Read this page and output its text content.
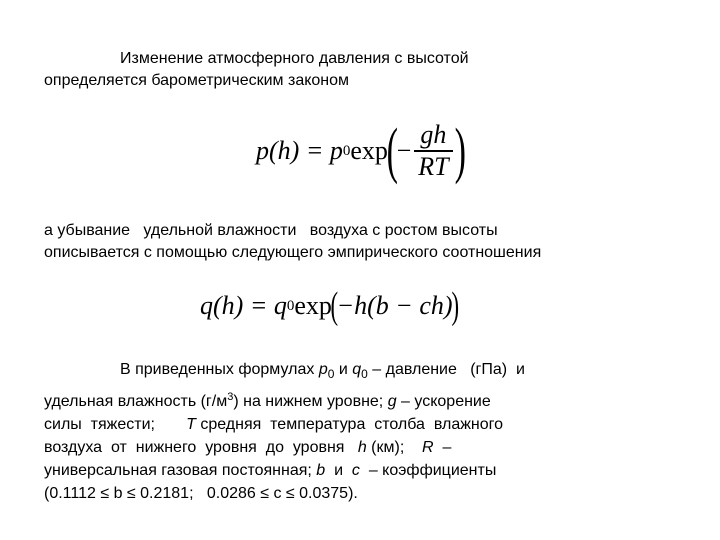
Изменение атмосферного давления с высотой
определяется барометрическим законом
p(h) = p 0 exp
(
− $\frac{gh}{RT}$ )
а убывание   удельной влажности   воздуха с ростом высоты
описывается с помощью следующего эмпирического соотношения
q(h) = q 0 exp
(
−h(b − ch)
)
В приведенных формулах $p_0$ и $q_0$ – давление   (гПа)  и
удельная влажность $(г/м^3)$ на нижнем уровне; g – ускорение
силы  тяжести;       T средняя  температура  столба  влажного
воздуха  от  нижнего  уровня  до  уровня   h (км);    R  –
универсальная газовая постоянная; b  и  c  – коэффициенты
(0.1112 ≤ b ≤ 0.2181;   0.0286 ≤ c ≤ 0.0375).
